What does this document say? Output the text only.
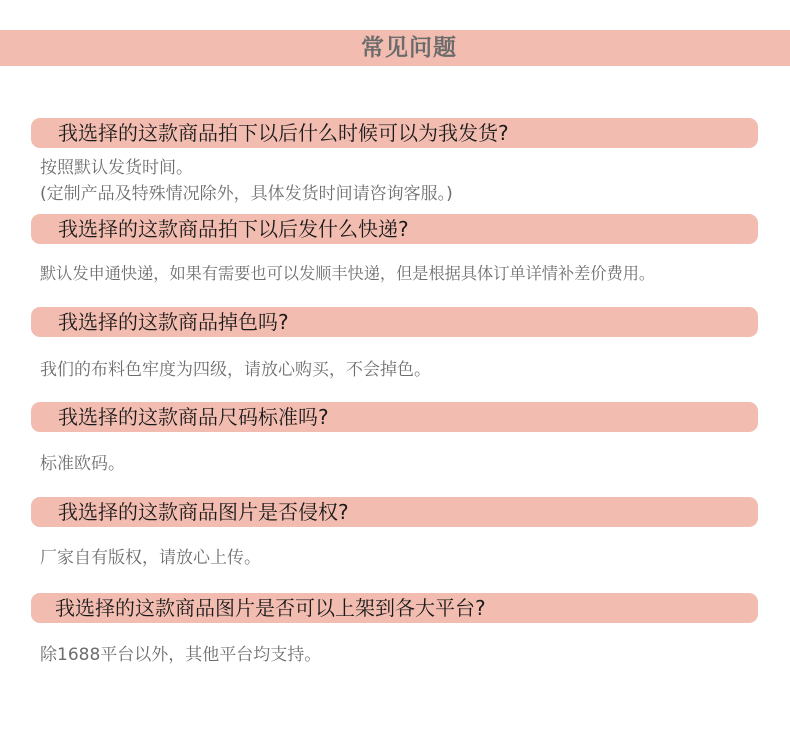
常见问题
我选择的这款商品拍下以后什么时候可以为我发货?
按照默认发货时间。
(定制产品及特殊情况除外，具体发货时间请咨询客服。)
我选择的这款商品拍下以后发什么快递?
默认发申通快递，如果有需要也可以发顺丰快递，但是根据具体订单详情补差价费用。
我选择的这款商品掉色吗?
我们的布料色牢度为四级，请放心购买，不会掉色。
我选择的这款商品尺码标准吗?
标准欧码。
我选择的这款商品图片是否侵权?
厂家自有版权，请放心上传。
我选择的这款商品图片是否可以上架到各大平台?
除1688平台以外，其他平台均支持。
